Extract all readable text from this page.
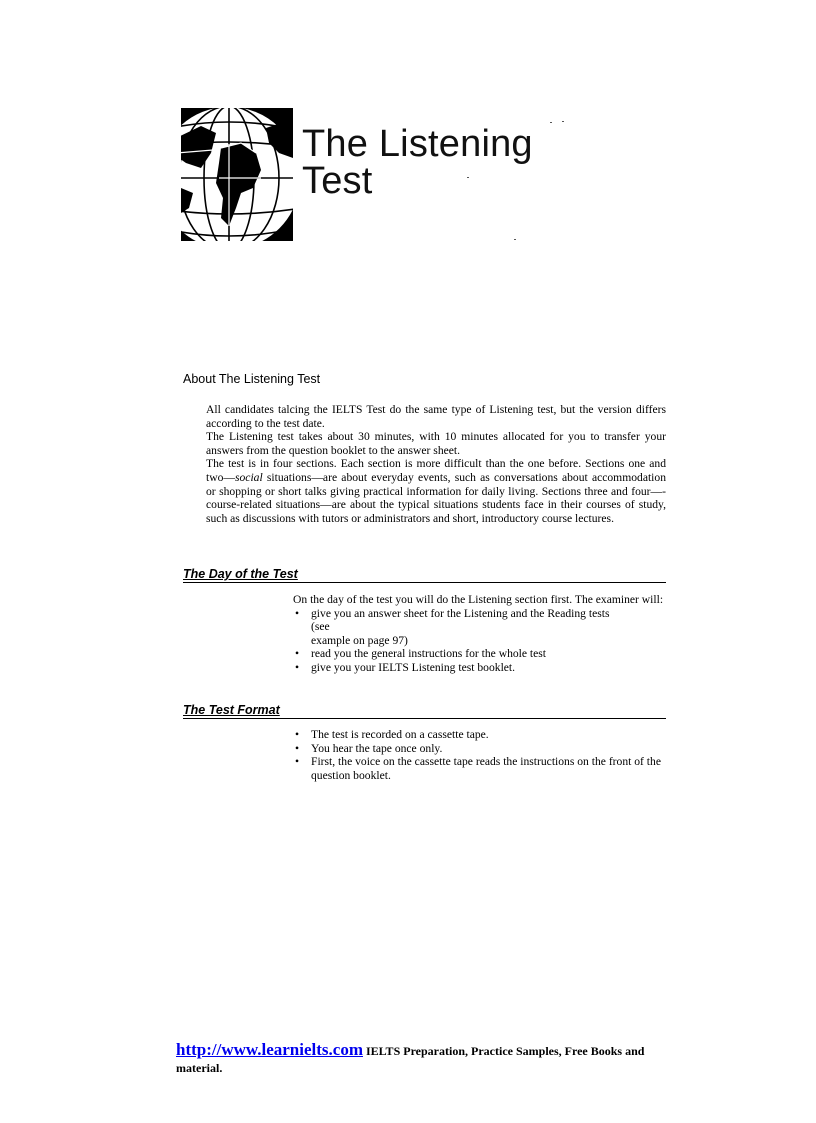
The Listening
Test
About The Listening Test

All candidates talcing the IELTS Test do the same type of Listening test, but the version differs according to the test date.

The Listening test takes about 30 minutes, with 10 minutes allocated for you to transfer your answers from the question booklet to the answer sheet.

The test is in four sections. Each section is more difficult than the one before. Sections one and two—social situations—are about everyday events, such as conversations about accommodation or shopping or short talks giving practical information for daily living. Sections three and four—-course-related situations—are about the typical situations students face in their courses of study, such as discussions with tutors or administrators and short, introductory course lectures.

The Day of the Test

On the day of the test you will do the Listening section first. The examiner will:

• give you an answer sheet for the Listening and the Reading tests
(see
example on page 97)
• read you the general instructions for the whole test
• give you your IELTS Listening test booklet.
The Test Format
• The test is recorded on a cassette tape.
• You hear the tape once only.
• First, the voice on the cassette tape reads the instructions on the front of the question booklet.
http://www.learnielts.com IELTS Preparation, Practice Samples, Free Books and material.
